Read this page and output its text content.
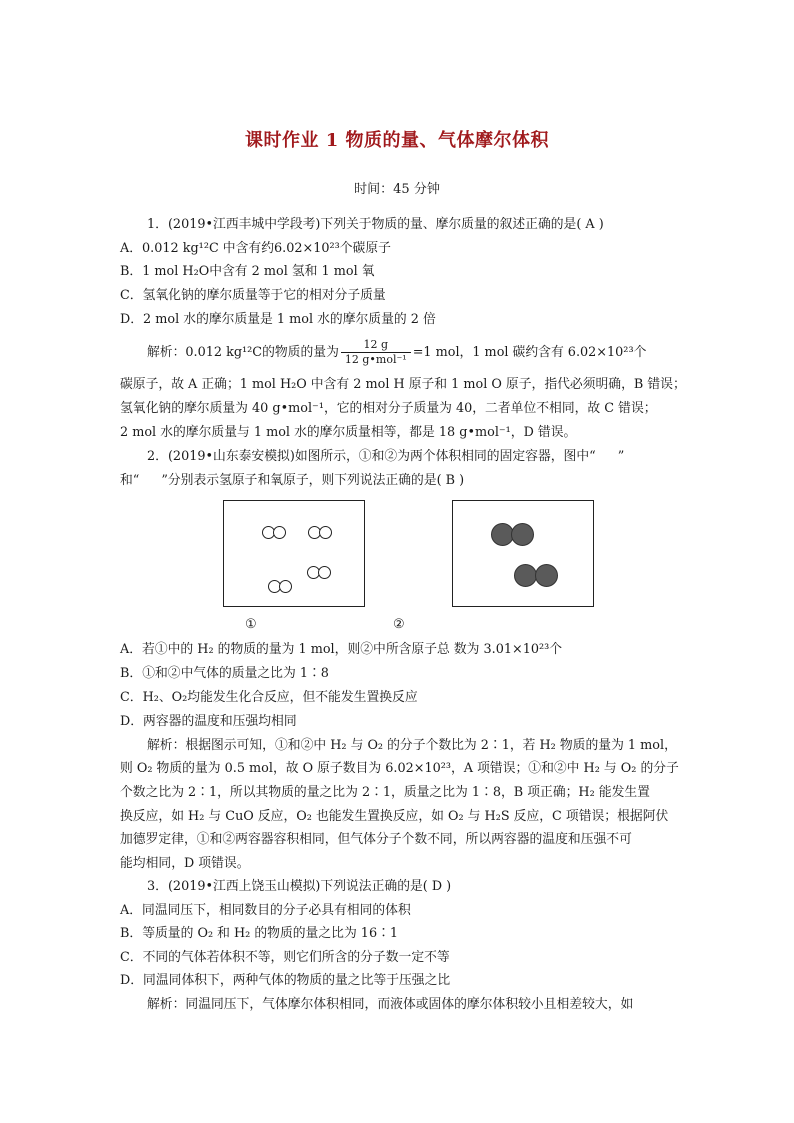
课时作业 1 物质的量、气体摩尔体积
时间：45 分钟
1．(2019•江西丰城中学段考)下列关于物质的量、摩尔质量的叙述正确的是( A )
A．0.012 kg¹²C 中含有约6.02×10²³个碳原子
B．1 mol H₂O中含有 2 mol 氢和 1 mol 氧
C．氢氧化钠的摩尔质量等于它的相对分子质量
D．2 mol 水的摩尔质量是 1 mol 水的摩尔质量的 2 倍
解析：0.012 kg¹²C的物质的量为 $\frac{12 g}{\text{12 g•mol⁻¹}} =1$ mol，1 mol 碳约含有 6.02×10²³个
碳原子，故 A 正确；1 mol H₂O 中含有 2 mol H 原子和 1 mol O 原子，指代必须明确，B 错误；
氢氧化钠的摩尔质量为 40 g•mol⁻¹，它的相对分子质量为 40，二者单位不相同，故 C 错误；
2 mol 水的摩尔质量与 1 mol 水的摩尔质量相等，都是 18 g•mol⁻¹，D 错误。
2．(2019•山东泰安模拟)如图所示，①和②为两个体积相同的固定容器，图中“ ”
和“ ”分别表示氢原子和氧原子，则下列说法正确的是( B )
①	②
A．若①中的 H₂ 的物质的量为 1 mol，则②中所含原子总 数为 3.01×10²³个
B．①和②中气体的质量之比为 1∶8
C．H₂、O₂均能发生化合反应，但不能发生置换反应
D．两容器的温度和压强均相同
解析：根据图示可知，①和②中 H₂ 与 O₂ 的分子个数比为 2∶1，若 H₂ 物质的量为 1 mol，
则 O₂ 物质的量为 0.5 mol，故 O 原子数目为 6.02×10²³，A 项错误；①和②中 H₂ 与 O₂ 的分子
个数之比为 2∶1，所以其物质的量之比为 2∶1，质量之比为 1∶8，B 项正确；H₂ 能发生置
换反应，如 H₂ 与 CuO 反应，O₂ 也能发生置换反应，如 O₂ 与 H₂S 反应，C 项错误；根据阿伏
加德罗定律，①和②两容器容积相同，但气体分子个数不同，所以两容器的温度和压强不可
能均相同，D 项错误。
3．(2019•江西上饶玉山模拟)下列说法正确的是( D )
A．同温同压下，相同数目的分子必具有相同的体积
B．等质量的 O₂ 和 H₂ 的物质的量之比为 16∶1
C．不同的气体若体积不等，则它们所含的分子数一定不等
D．同温同体积下，两种气体的物质的量之比等于压强之比
解析：同温同压下，气体摩尔体积相同，而液体或固体的摩尔体积较小且相差较大，如
